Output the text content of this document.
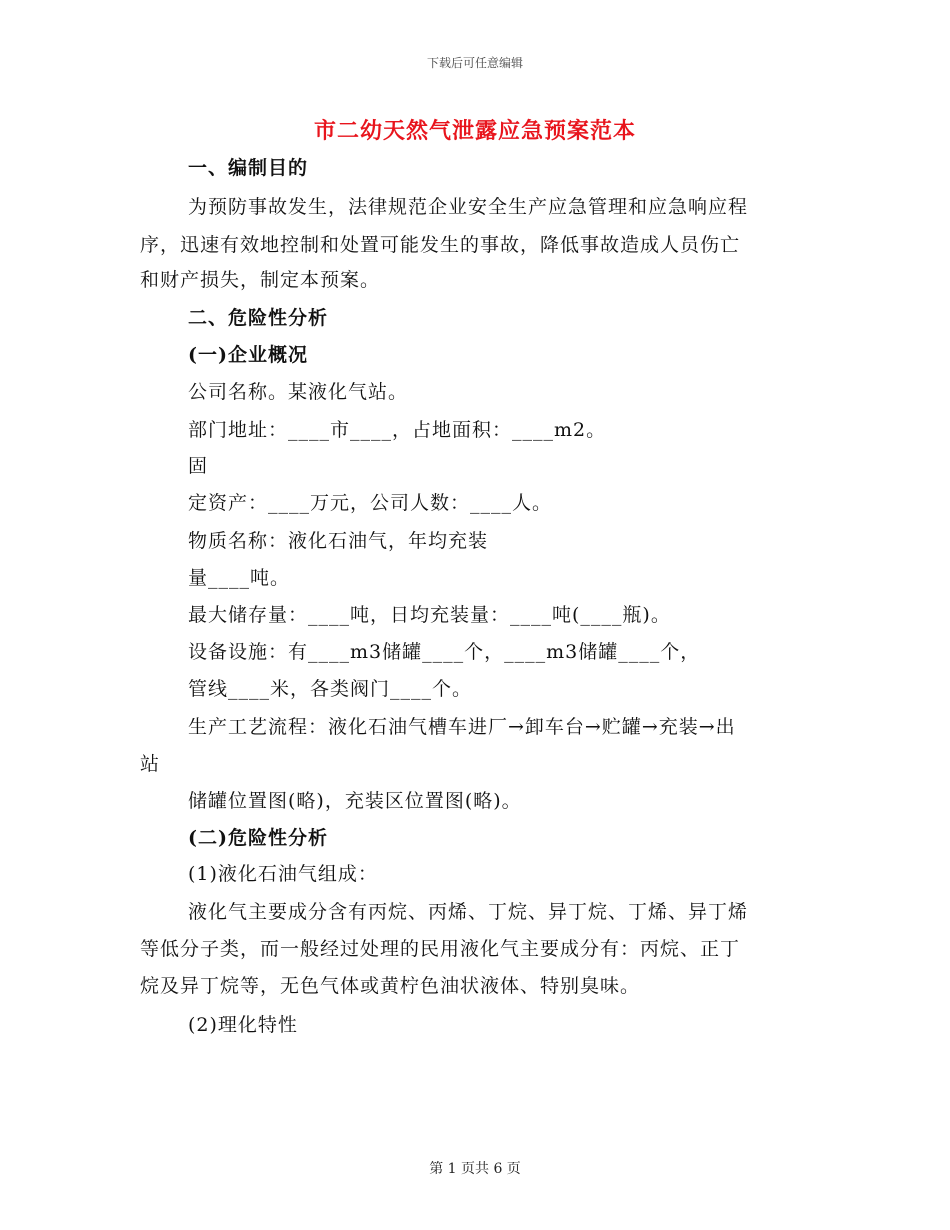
下载后可任意编辑
市二幼天然气泄露应急预案范本
一、编制目的
为预防事故发生，法律规范企业安全生产应急管理和应急响应程
序，迅速有效地控制和处置可能发生的事故，降低事故造成人员伤亡
和财产损失，制定本预案。
二、危险性分析
(一)企业概况
公司名称。某液化气站。
部门地址：____市____，占地面积：____m2。
固
定资产：____万元，公司人数：____人。
物质名称：液化石油气，年均充装
量____吨。
最大储存量：____吨，日均充装量：____吨(____瓶)。
设备设施：有____m3储罐____个，____m3储罐____个，
管线____米，各类阀门____个。
生产工艺流程：液化石油气槽车进厂→卸车台→贮罐→充装→出
站
储罐位置图(略)，充装区位置图(略)。
(二)危险性分析
(1)液化石油气组成：
液化气主要成分含有丙烷、丙烯、丁烷、异丁烷、丁烯、异丁烯
等低分子类，而一般经过处理的民用液化气主要成分有：丙烷、正丁
烷及异丁烷等，无色气体或黄柠色油状液体、特别臭味。
(2)理化特性
第 1 页共 6 页
